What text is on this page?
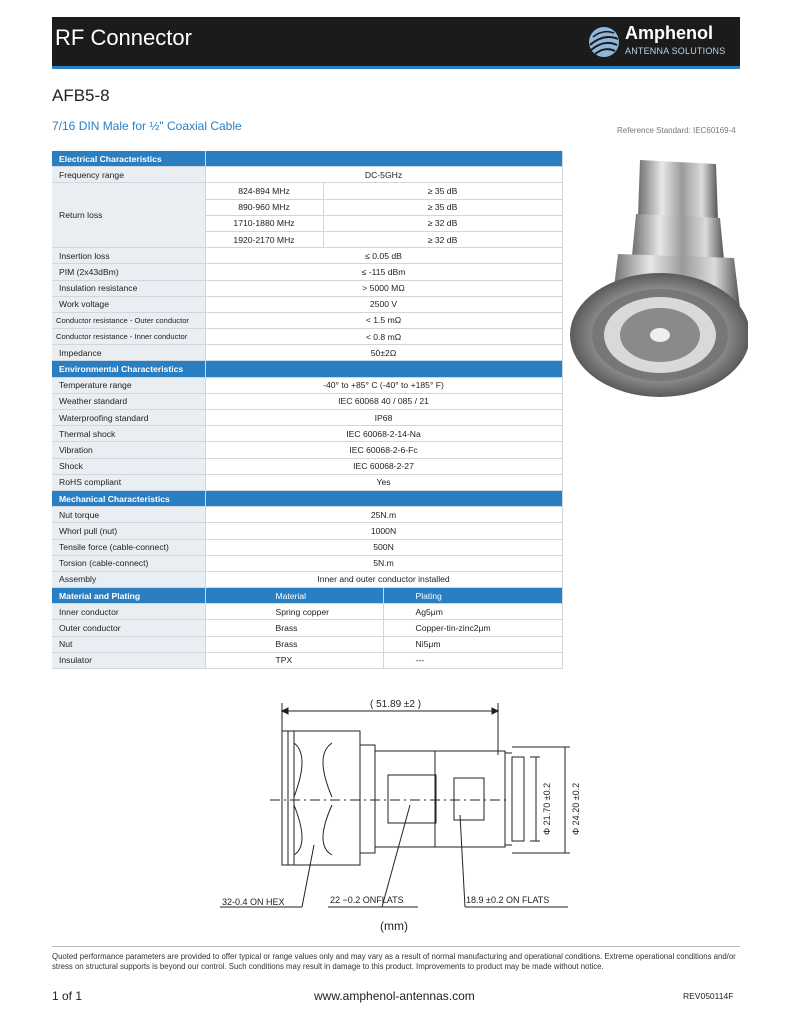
RF Connector	Amphenol
ANTENNA SOLUTIONS
AFB5-8
7/16 DIN Male for ½" Coaxial Cable	Reference Standard: IEC60169-4
Electrical Characteristics			
Frequency range	DC-5GHz		
Return loss	824-894 MHz	≥ 35 dB	
	890-960 MHz	≥ 35 dB	
	1710-1880 MHz	≥ 32 dB	
	1920-2170 MHz	≥ 32 dB	
Insertion loss	≤ 0.05 dB		
PIM (2x43dBm)	≤ -115 dBm		
Insulation resistance	> 5000 MΩ		
Work voltage	2500 V		
Conductor resistance - Outer conductor	< 1.5 mΩ		
Conductor resistance - Inner conductor	< 0.8 mΩ		
Impedance	50±2Ω		
Environmental Characteristics			
Temperature range	-40° to +85° C (-40° to +185° F)		
Weather standard	IEC 60068 40 / 085 / 21		
Waterproofing standard	IP68		
Thermal shock	IEC 60068-2-14-Na		
Vibration	IEC 60068-2-6-Fc		
Shock	IEC 60068-2-27		
RoHS compliant	Yes		
Mechanical Characteristics			
Nut torque	25N.m		
Whorl pull (nut)	1000N		
Tensile force (cable-connect)	500N		
Torsion (cable-connect)	5N.m		
Assembly	Inner and outer conductor installed		
Material and Plating	Material		Plating
Inner conductor	Spring copper		Ag5μm
Outer conductor	Brass		Copper-tin-zinc2μm
Nut	Brass		Ni5μm
Insulator	TPX		---
( 51.89 ±2 )
Φ 21.70 ±0.2 Φ 24.20 ±0.2
32-0.4 ON HEX	22 −0.2 ONFLATS	18.9 ±0.2 ON FLATS
(mm)
Quoted performance parameters are provided to offer typical or range values only and may vary as a result of normal manufacturing and operational conditions. Extreme operational conditions and/or stress on structural supports is beyond our control. Such conditions may result in damage to this product. Improvements to product may be made without notice.
1 of 1	www.amphenol-antennas.com	REV050114F
